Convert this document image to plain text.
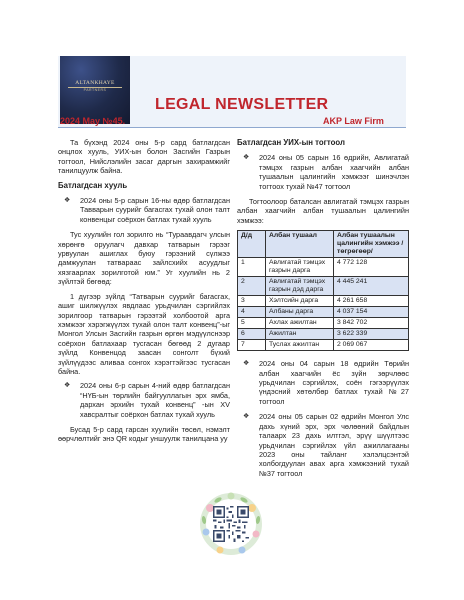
ALTANKHAYE
PARTNERS
LEGAL NEWSLETTER
2024 May №45.	AKP Law Firm

Та бүхэнд 2024 оны 5-р сард батлагдсан онцлох хууль, УИХ-ын болон Засгийн Газрын тогтоол, Нийслэлийн засаг даргын захирамжийг танилцуулж байна.

Батлагдсан хууль
❖ 2024 оны 5-р сарын 16-ны өдөр батлагдсан Тавварын суурийг багасгах тухай олон талт конвенцыг соёрхон батлах тухай хууль

Тус хуулийн гол зорилго нь “Тураавдагч улсын хөрөнгө оруулагч давхар татварын гэрээг урвуулан ашиглах буюу гэрээний сүлжээ дамжуулан татвараас зайлсхийх асуудлыг хязгаарлах зорилготой юм.” Уг хуулийн нь 2 зүйлтэй бөгөөд:

1 дүгээр зүйлд “Татварын суурийг багасгах, ашиг шилжүүлэх явдлаас урьдчилан сэргийлэх зорилгоор татварын гэрээтэй холбоотой арга хэмжээг хэрэгжүүлэх тухай олон талт конвенц”-ыг Монгол Улсын Засгийн газрын өргөн мэдүүлснээр соёрхон батлахаар тусгасан бөгөөд 2 дугаар зүйлд Конвенцод заасан сонголт бүхий зүйлүүдээс аливаа сонгох хэрэгтэйгээс тусгасан байна.

❖ 2024 оны 6-р сарын 4-ний өдөр батлагдсан “НҮБ-ын төрлийн байгууллагын эрх ямба, дархан эрхийн тухай конвенц” -ын XV хавсралтыг соёрхон батлах тухай хууль

Бусад 5-р сард гарсан хуулийн төсөл, нэмэлт өөрчлөлтийг энэ QR кодыг уншуулж танилцана уу

Батлагдсан УИХ-ын тогтоол
❖ 2024 оны 05 сарын 16 өдрийн, Авлигатай тэмцэх газрын албан хаагчийн албан тушаалын цалингийн хэмжээг шинэчлэн тогтоох тухай №47 тогтоол

Тогтоолоор баталсан авлигатай тэмцэх газрын албан хаагчийн албан тушаалын цалингийн хэмжээ:

Д/д	Албан тушаал	Албан тушаалын цалингийн хэмжээ /төгрөгөөр/
1	Авлигатай тэмцэх газрын дарга	4 772 128
2	Авлигатай тэмцэх газрын дэд дарга	4 445 241
3	Хэлтсийн дарга	4 261 658
4	Албаны дарга	4 037 154
5	Ахлах ажилтан	3 842 702
6	Ажилтан	3 622 339
7	Туслах ажилтан	2 069 067
❖ 2024 оны 04 сарын 18 өдрийн Төрийн албан хаагчийн ёс зүйн зөрчлөөс урьдчилан сэргийлэх, соён гэгээрүүлэх үндэсний хөтөлбөр батлах тухай №27 тогтоол
❖ 2024 оны 05 сарын 02 өдрийн Монгол Улс дахь хүний эрх, эрх чөлөөний байдлын талаарх 23 дахь илтгэл, эрүү шүүлтээс урьдчилан сэргийлэх үйл ажиллагааны 2023 оны тайланг хэлэлцсэнтэй холбогдуулан авах арга хэмжээний тухай №37 тогтоол
